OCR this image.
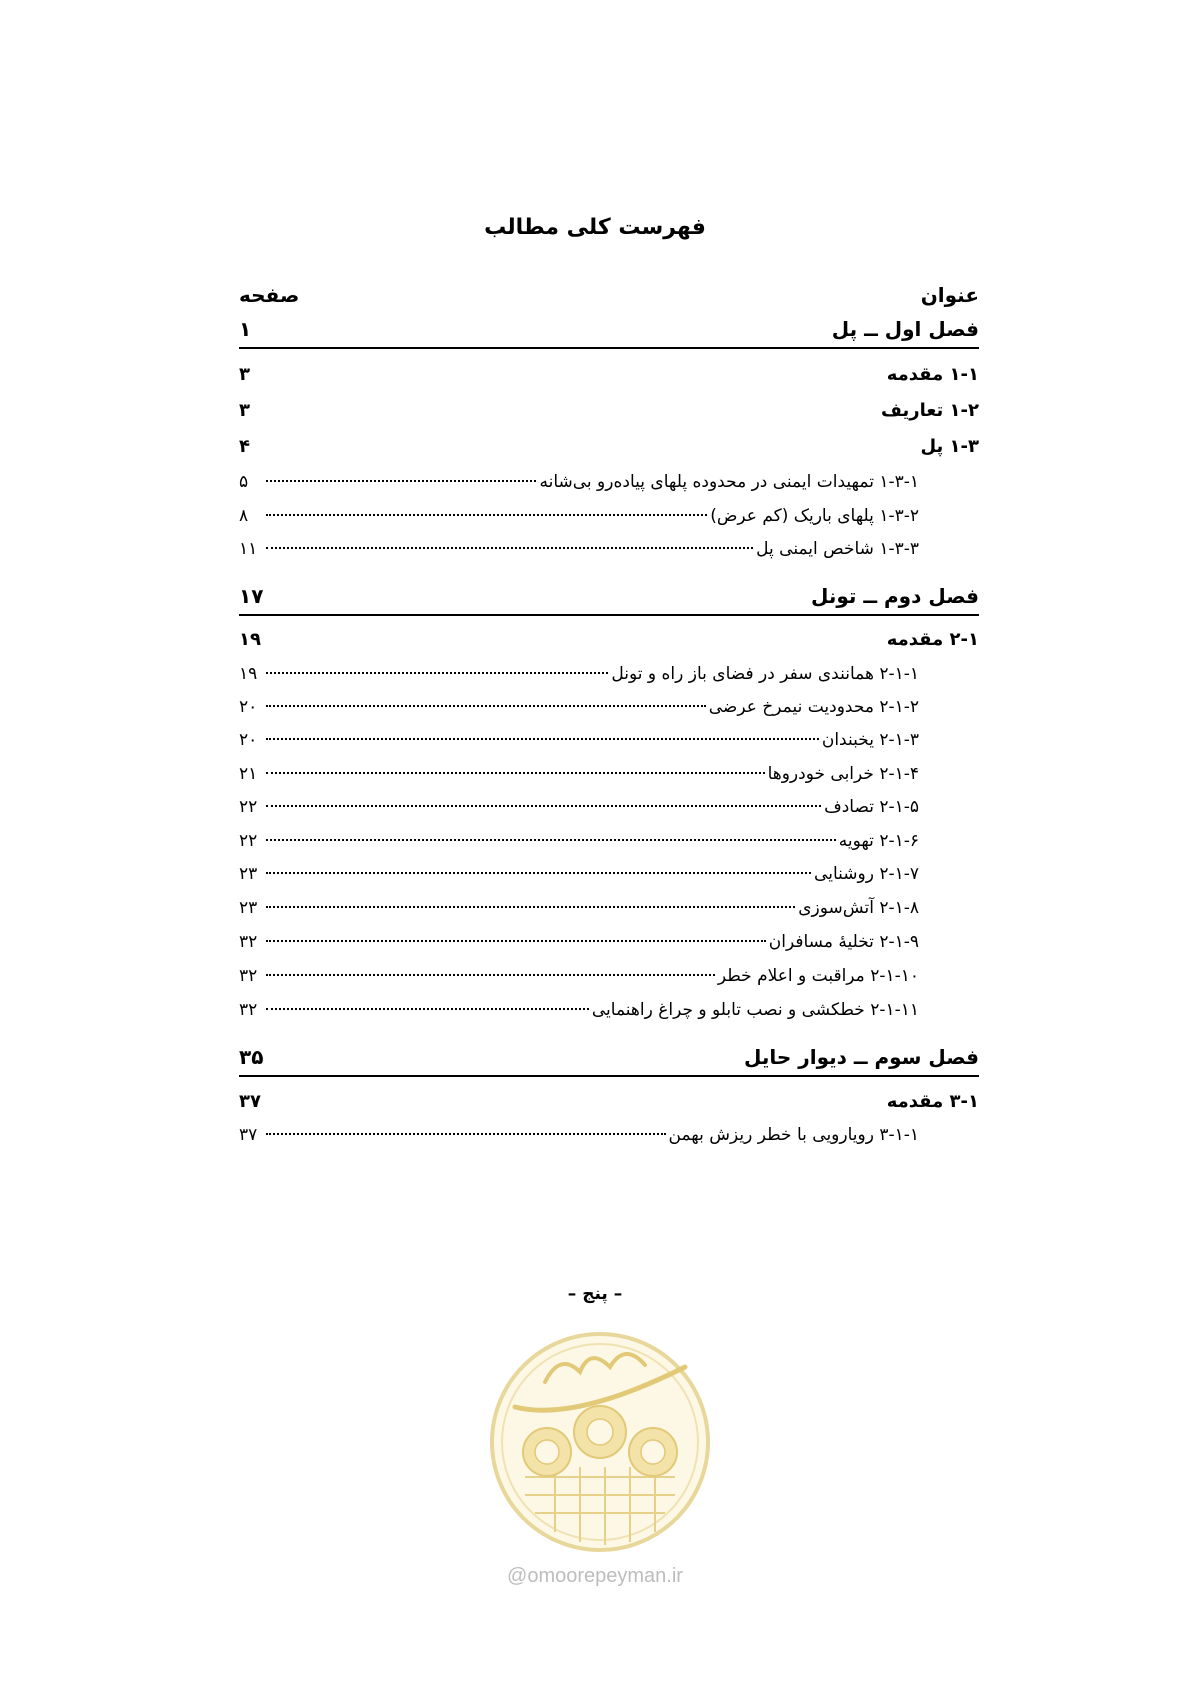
فهرست کلی مطالب
عنوان
صفحه
فصل اول ــ پل
۱
۱-۱ مقدمه
۳
۱-۲ تعاریف
۳
۱-۳ پل
۴
۱-۳-۱ تمهیدات ایمنی در محدوده پلهای پیاده‌رو بی‌شانه
۵
۱-۳-۲ پلهای باریک (کم عرض)
۸
۱-۳-۳ شاخص ایمنی پل
۱۱
فصل دوم ــ تونل
۱۷
۲-۱ مقدمه
۱۹
۲-۱-۱ همانندی سفر در فضای باز راه و تونل
۱۹
۲-۱-۲ محدودیت نیمرخ عرضی
۲۰
۲-۱-۳ یخبندان
۲۰
۲-۱-۴ خرابی خودروها
۲۱
۲-۱-۵ تصادف
۲۲
۲-۱-۶ تهویه
۲۲
۲-۱-۷ روشنایی
۲۳
۲-۱-۸ آتش‌سوزی
۲۳
۲-۱-۹ تخلیهٔ مسافران
۳۲
۲-۱-۱۰ مراقبت و اعلام خطر
۳۲
۲-۱-۱۱ خطکشی و نصب تابلو و چراغ راهنمایی
۳۲
فصل سوم ــ دیوار حایل
۳۵
۳-۱ مقدمه
۳۷
۳-۱-۱ رویارویی با خطر ریزش بهمن
۳۷
– پنج –
@omoorepeyman.ir
